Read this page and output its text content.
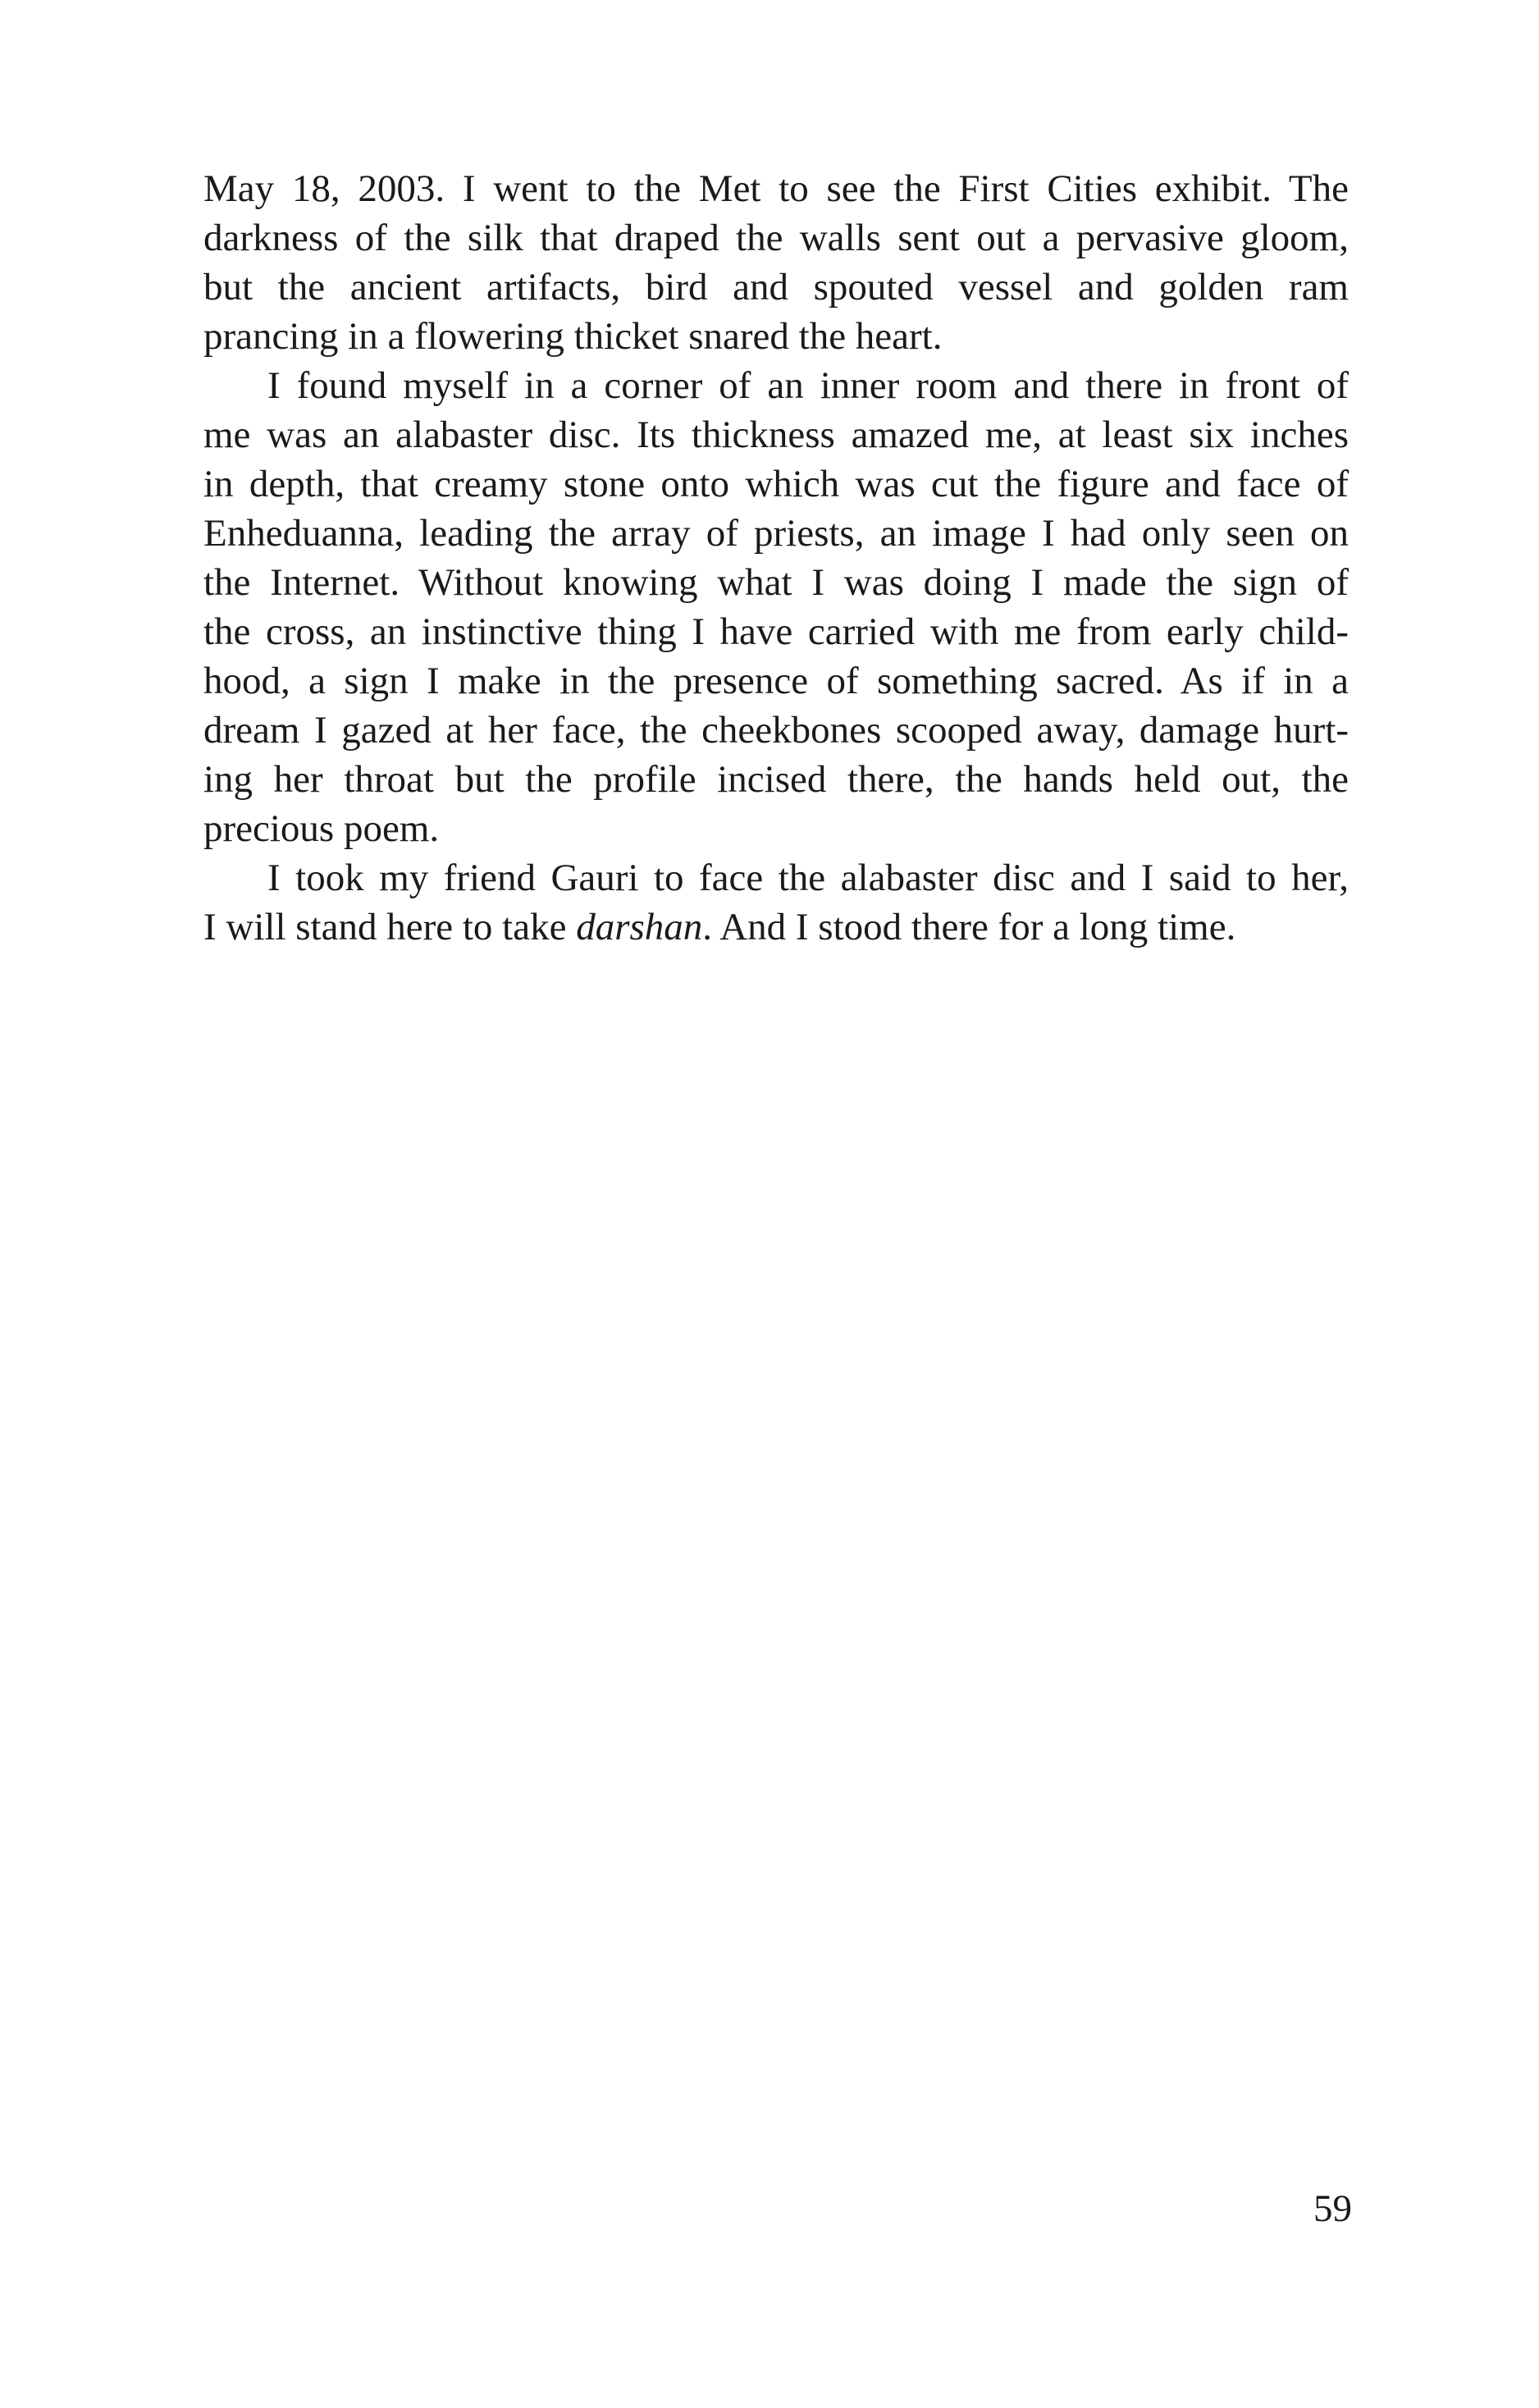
May 18, 2003. I went to the Met to see the First Cities exhibit. The
darkness of the silk that draped the walls sent out a pervasive gloom,
but the ancient artifacts, bird and spouted vessel and golden ram
prancing in a flowering thicket snared the heart.
I found myself in a corner of an inner room and there in front of
me was an alabaster disc. Its thickness amazed me, at least six inches
in depth, that creamy stone onto which was cut the figure and face of
Enheduanna, leading the array of priests, an image I had only seen on
the Internet. Without knowing what I was doing I made the sign of
the cross, an instinctive thing I have carried with me from early child-
hood, a sign I make in the presence of something sacred. As if in a
dream I gazed at her face, the cheekbones scooped away, damage hurt-
ing her throat but the profile incised there, the hands held out, the
precious poem.
I took my friend Gauri to face the alabaster disc and I said to her,
I will stand here to take darshan. And I stood there for a long time.
59
